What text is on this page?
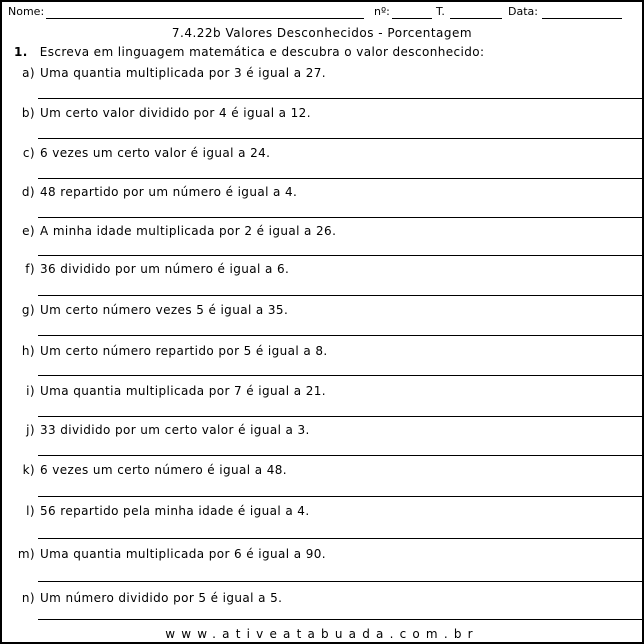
Nome:	nº:	T.	Data:
7.4.22b Valores Desconhecidos - Porcentagem
1. Escreva em linguagem matemática e descubra o valor desconhecido:
a) Uma quantia multiplicada por 3 é igual a 27.
b) Um certo valor dividido por 4 é igual a 12.
c) 6 vezes um certo valor é igual a 24.
d) 48 repartido por um número é igual a 4.
e) A minha idade multiplicada por 2 é igual a 26.
f) 36 dividido por um número é igual a 6.
g) Um certo número vezes 5 é igual a 35.
h) Um certo número repartido por 5 é igual a 8.
i) Uma quantia multiplicada por 7 é igual a 21.
j) 33 dividido por um certo valor é igual a 3.
k) 6 vezes um certo número é igual a 48.
l) 56 repartido pela minha idade é igual a 4.
m) Uma quantia multiplicada por 6 é igual a 90.
n) Um número dividido por 5 é igual a 5.
www.ativeatabuada.com.br
